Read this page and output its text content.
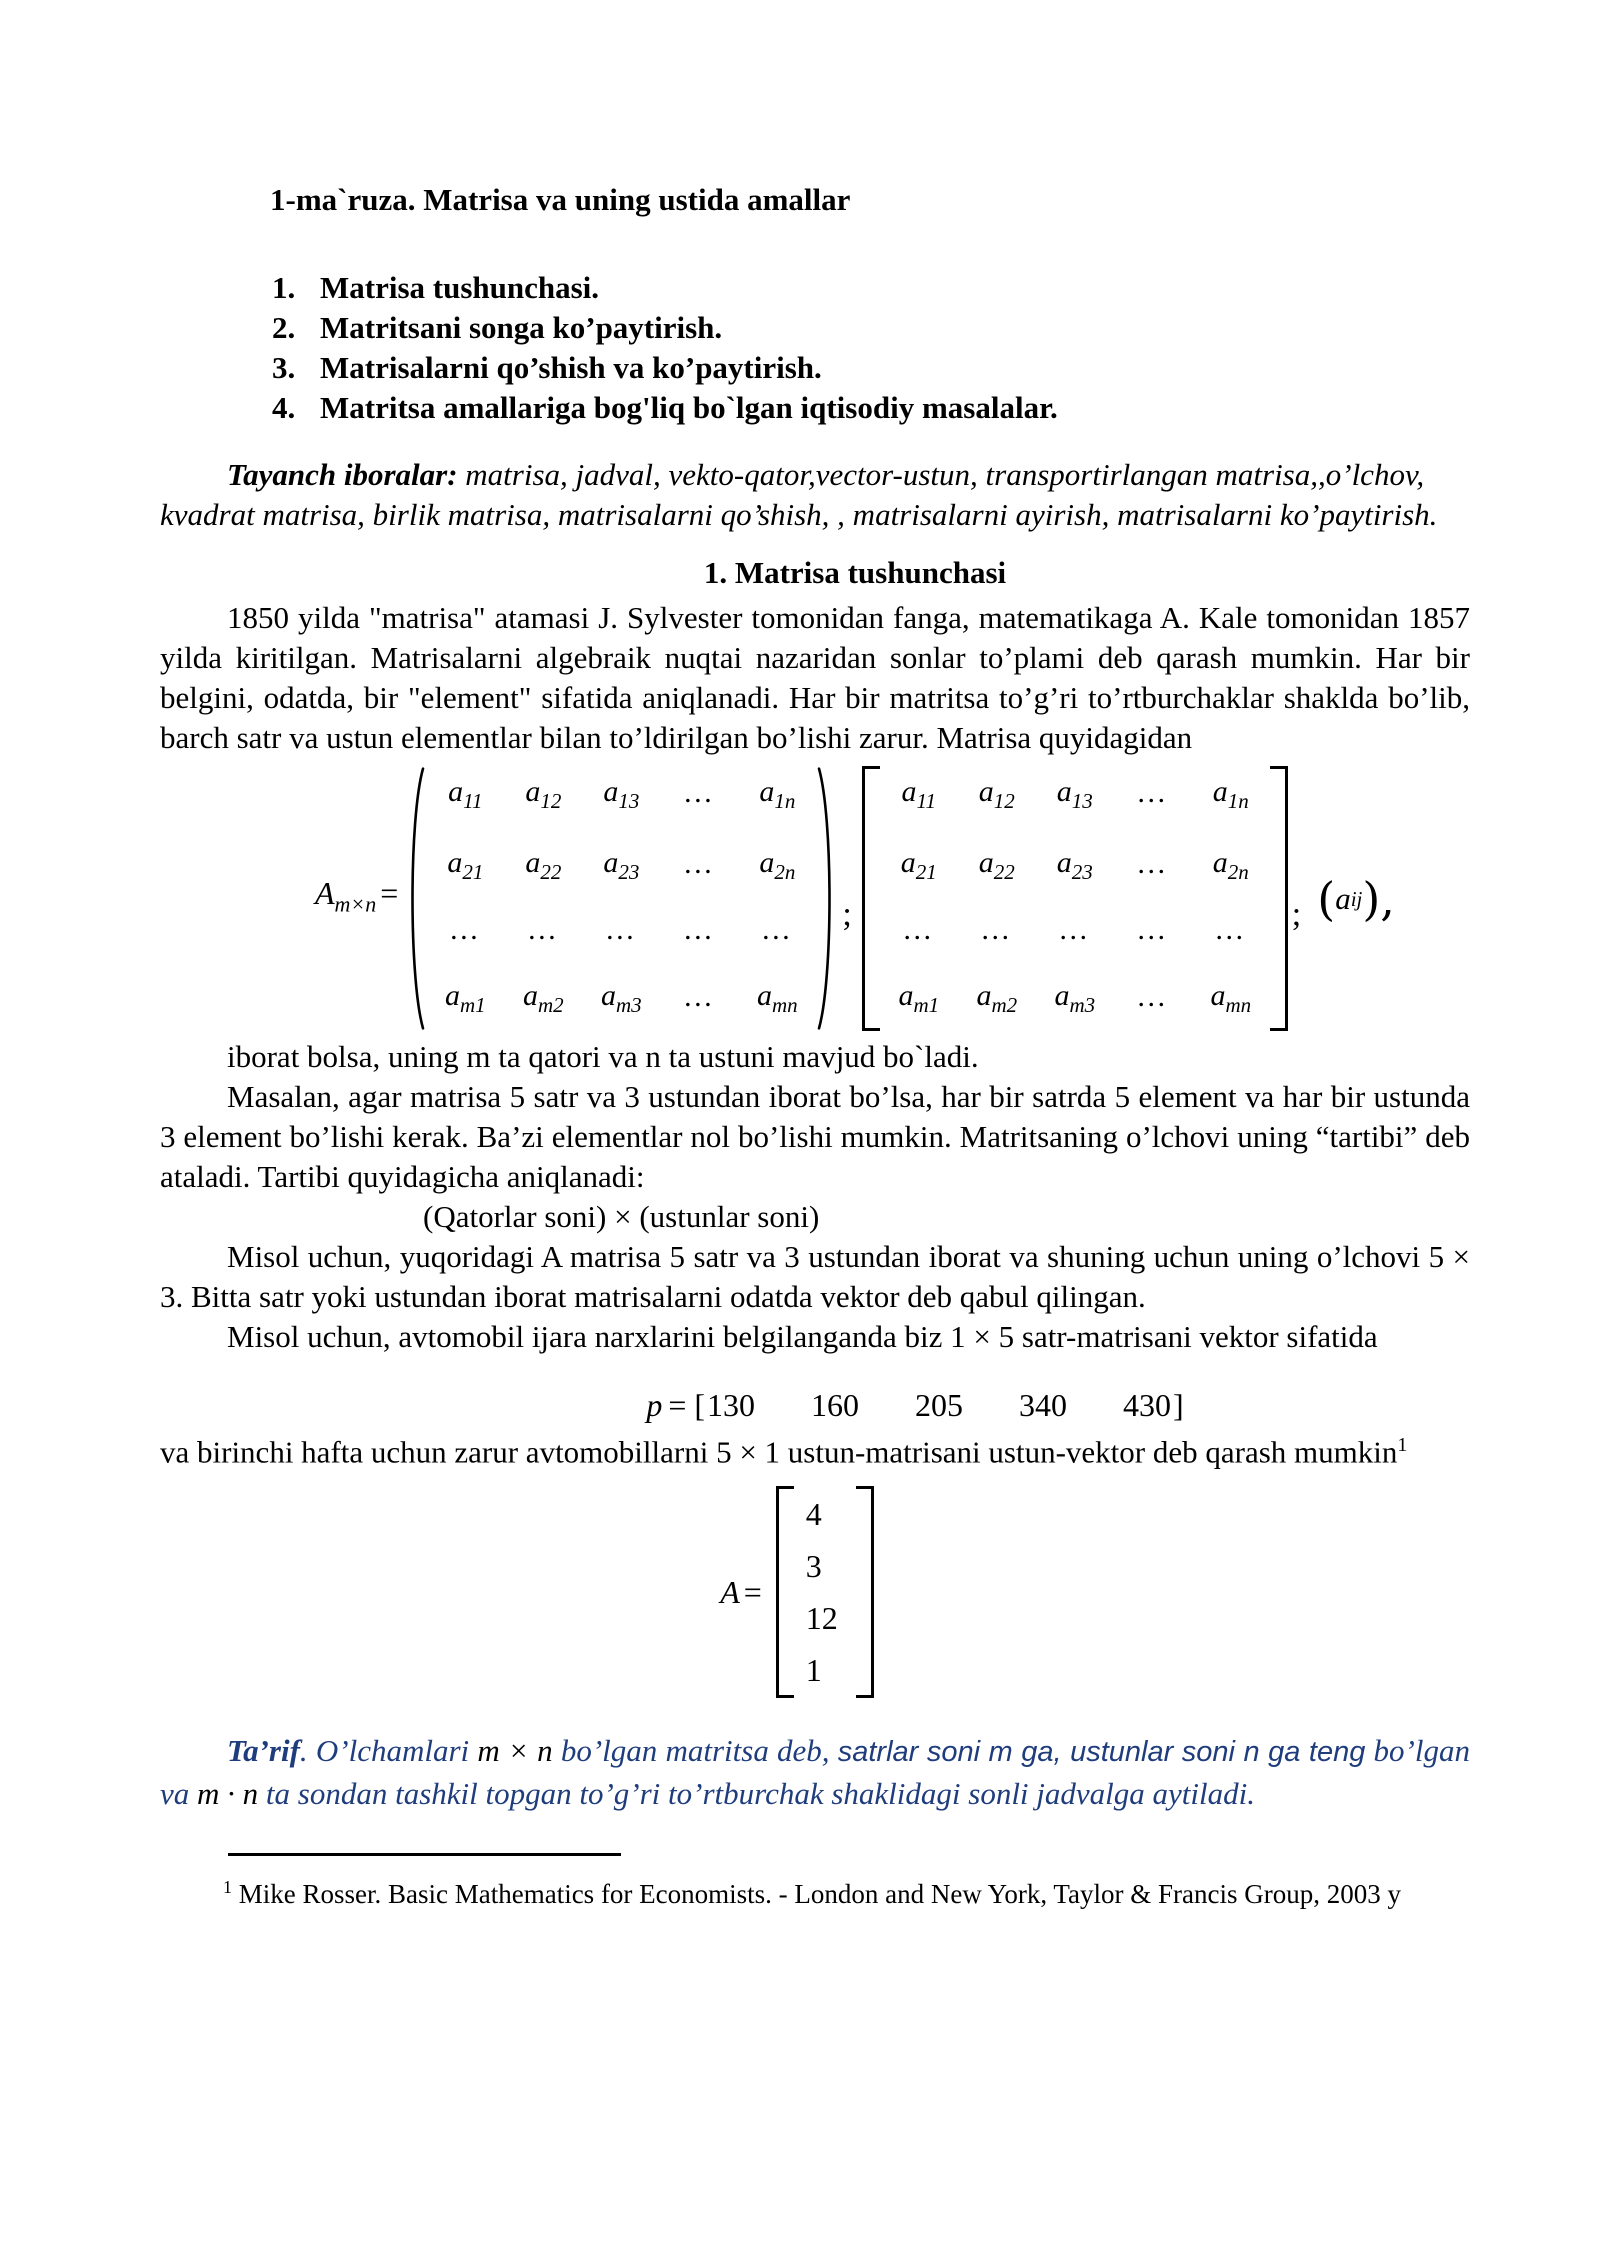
1-ma`ruza. Matrisa va uning ustida amallar
1. Matrisa tushunchasi.
2. Matritsani songa ko’paytirish.
3. Matrisalarni qo’shish va ko’paytirish.
4. Matritsa amallariga bog'liq bo`lgan iqtisodiy masalalar.

Tayanch iboralar: matrisa, jadval, vekto-qator,vector-ustun, transportirlangan matrisa,,o’lchov, kvadrat matrisa, birlik matrisa, matrisalarni qo’shish, , matrisalarni ayirish, matrisalarni ko’paytirish.

1. Matrisa tushunchasi

1850 yilda "matrisa" atamasi J. Sylvester tomonidan fanga, matematikaga A. Kale tomonidan 1857 yilda kiritilgan. Matrisalarni algebraik nuqtai nazaridan sonlar to’plami deb qarash mumkin. Har bir belgini, odatda, bir "element" sifatida aniqlanadi. Har bir matritsa to’g’ri to’rtburchaklar shaklda bo’lib, barch satr va ustun elementlar bilan to’ldirilgan bo’lishi zarur. Matrisa quyidagidan

$A_{m\times n}$ =
$a_{11}$ $a_{12}$ $a_{13}$ … $a_{1n}$
$a_{21}$ $a_{22}$ $a_{23}$ … $a_{2n}$
… … … … …
$a_{m1}$ $a_{m2}$ $a_{m3}$ … $a_{mn}$
;
$a_{11}$ $a_{12}$ $a_{13}$ … $a_{1n}$
$a_{21}$ $a_{22}$ $a_{23}$ … $a_{2n}$
… … … … …
$a_{m1}$ $a_{m2}$ $a_{m3}$ … $a_{mn}$
; ( a ij ),

iborat bolsa, uning m ta qatori va n ta ustuni mavjud bo`ladi.

Masalan, agar matrisa 5 satr va 3 ustundan iborat bo’lsa, har bir satrda 5 element va har bir ustunda 3 element bo’lishi kerak. Ba’zi elementlar nol bo’lishi mumkin. Matritsaning o’lchovi uning “tartibi” deb ataladi. Tartibi quyidagicha aniqlanadi:

(Qatorlar soni) × (ustunlar soni)

Misol uchun, yuqoridagi A matrisa 5 satr va 3 ustundan iborat va shuning uchun uning o’lchovi 5 × 3. Bitta satr yoki ustundan iborat matrisalarni odatda vektor deb qabul qilingan.

Misol uchun, avtomobil ijara narxlarini belgilanganda biz 1 × 5 satr-matrisani vektor sifatida

p = [ 130 160 205 340 430 ]

va birinchi hafta uchun zarur avtomobillarni 5 × 1 ustun-matrisani ustun-vektor deb qarash mumkin$^1$

A =
4
3
12
1

Ta’rif. O’lchamlari m × n bo’lgan matritsa deb, satrlar soni m ga, ustunlar soni n ga teng bo’lgan va m · n ta sondan tashkil topgan to’g’ri to’rtburchak shaklidagi sonli jadvalga aytiladi.

$^1$ Mike Rosser. Basic Mathematics for Economists. - London and New York, Taylor & Francis Group, 2003 y
